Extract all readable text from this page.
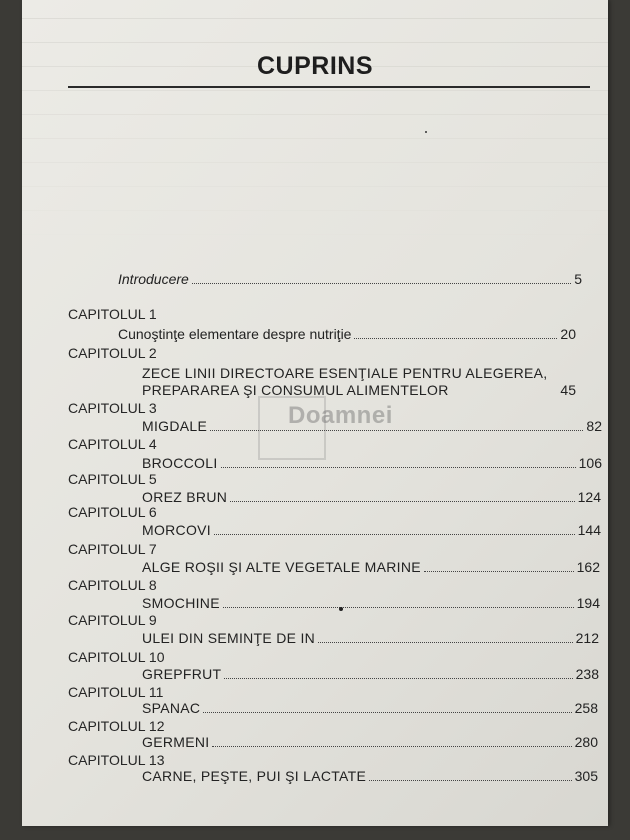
CUPRINS
Doamnei
Introducere	5
CAPITOLUL 1
Cunoştinţe elementare despre nutriţie	20
CAPITOLUL 2
ZECE LINII DIRECTOARE ESENŢIALE PENTRU ALEGEREA,
PREPARAREA ŞI CONSUMUL ALIMENTELOR	45
CAPITOLUL 3
MIGDALE	82
CAPITOLUL 4
BROCCOLI	106
CAPITOLUL 5
OREZ BRUN	124
CAPITOLUL 6
MORCOVI	144
CAPITOLUL 7
ALGE ROŞII ŞI ALTE VEGETALE MARINE	162
CAPITOLUL 8
SMOCHINE	194
CAPITOLUL 9
ULEI DIN SEMINŢE DE IN	212
CAPITOLUL 10
GREPFRUT	238
CAPITOLUL 11
SPANAC	258
CAPITOLUL 12
GERMENI	280
CAPITOLUL 13
CARNE, PEŞTE, PUI ŞI LACTATE	305
